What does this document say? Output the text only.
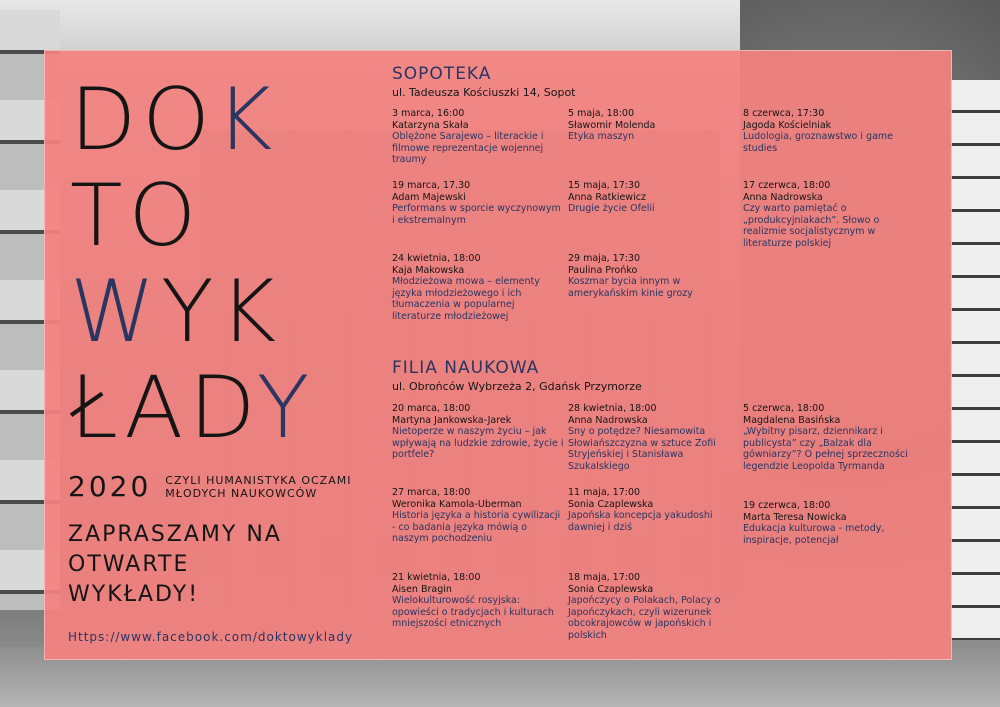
DOK
TO
WYK
ŁADY
2020 CZYLI HUMANISTYKA OCZAMI
MŁODYCH NAUKOWCÓW
ZAPRASZAMY NA
OTWARTE
WYKŁADY!
Https://www.facebook.com/doktowyklady
SOPOTEKA
ul. Tadeusza Kościuszki 14, Sopot
3 marca, 16:00
Katarzyna Skała
Oblężone Sarajewo – literackie i filmowe reprezentacje wojennej traumy
5 maja, 18:00
Sławomir Molenda
Etyka maszyn
8 czerwca, 17:30
Jagoda Kościelniak
Ludologia, groznawstwo i game studies
19 marca, 17.30
Adam Majewski
Performans w sporcie wyczynowym i ekstremalnym
15 maja, 17:30
Anna Ratkiewicz
Drugie życie Ofelii
17 czerwca, 18:00
Anna Nadrowska
Czy warto pamiętać o „produkcyjniakach”. Słowo o realizmie socjalistycznym w literaturze polskiej
24 kwietnia, 18:00
Kaja Makowska
Młodzieżowa mowa – elementy języka młodzieżowego i ich tłumaczenia w popularnej literaturze młodzieżowej
29 maja, 17:30
Paulina Prońko
Koszmar bycia innym w amerykańskim kinie grozy
FILIA NAUKOWA
ul. Obrońców Wybrzeża 2, Gdańsk Przymorze
20 marca, 18:00
Martyna Jankowska-Jarek
Nietoperze w naszym życiu – jak wpływają na ludzkie zdrowie, życie i portfele?
28 kwietnia, 18:00
Anna Nadrowska
Sny o potędze? Niesamowita Słowiańszczyzna w sztuce Zofii Stryjeńskiej i Stanisława Szukalskiego
5 czerwca, 18:00
Magdalena Basińska
„Wybitny pisarz, dziennikarz i publicysta” czy „Balzak dla gówniarzy”? O pełnej sprzeczności legendzie Leopolda Tyrmanda
27 marca, 18:00
Weronika Kamola-Uberman
Historia języka a historia cywilizacji - co badania języka mówią o naszym pochodzeniu
11 maja, 17:00
Sonia Czaplewska
Japońska koncepcja yakudoshi dawniej i dziś
19 czerwca, 18:00
Marta Teresa Nowicka
Edukacja kulturowa - metody, inspiracje, potencjał
21 kwietnia, 18:00
Aisen Bragin
Wielokulturowość rosyjska: opowieści o tradycjach i kulturach mniejszości etnicznych
18 maja, 17:00
Sonia Czaplewska
Japończycy o Polakach, Polacy o Japończykach, czyli wizerunek obcokrajowców w japońskich i polskich
